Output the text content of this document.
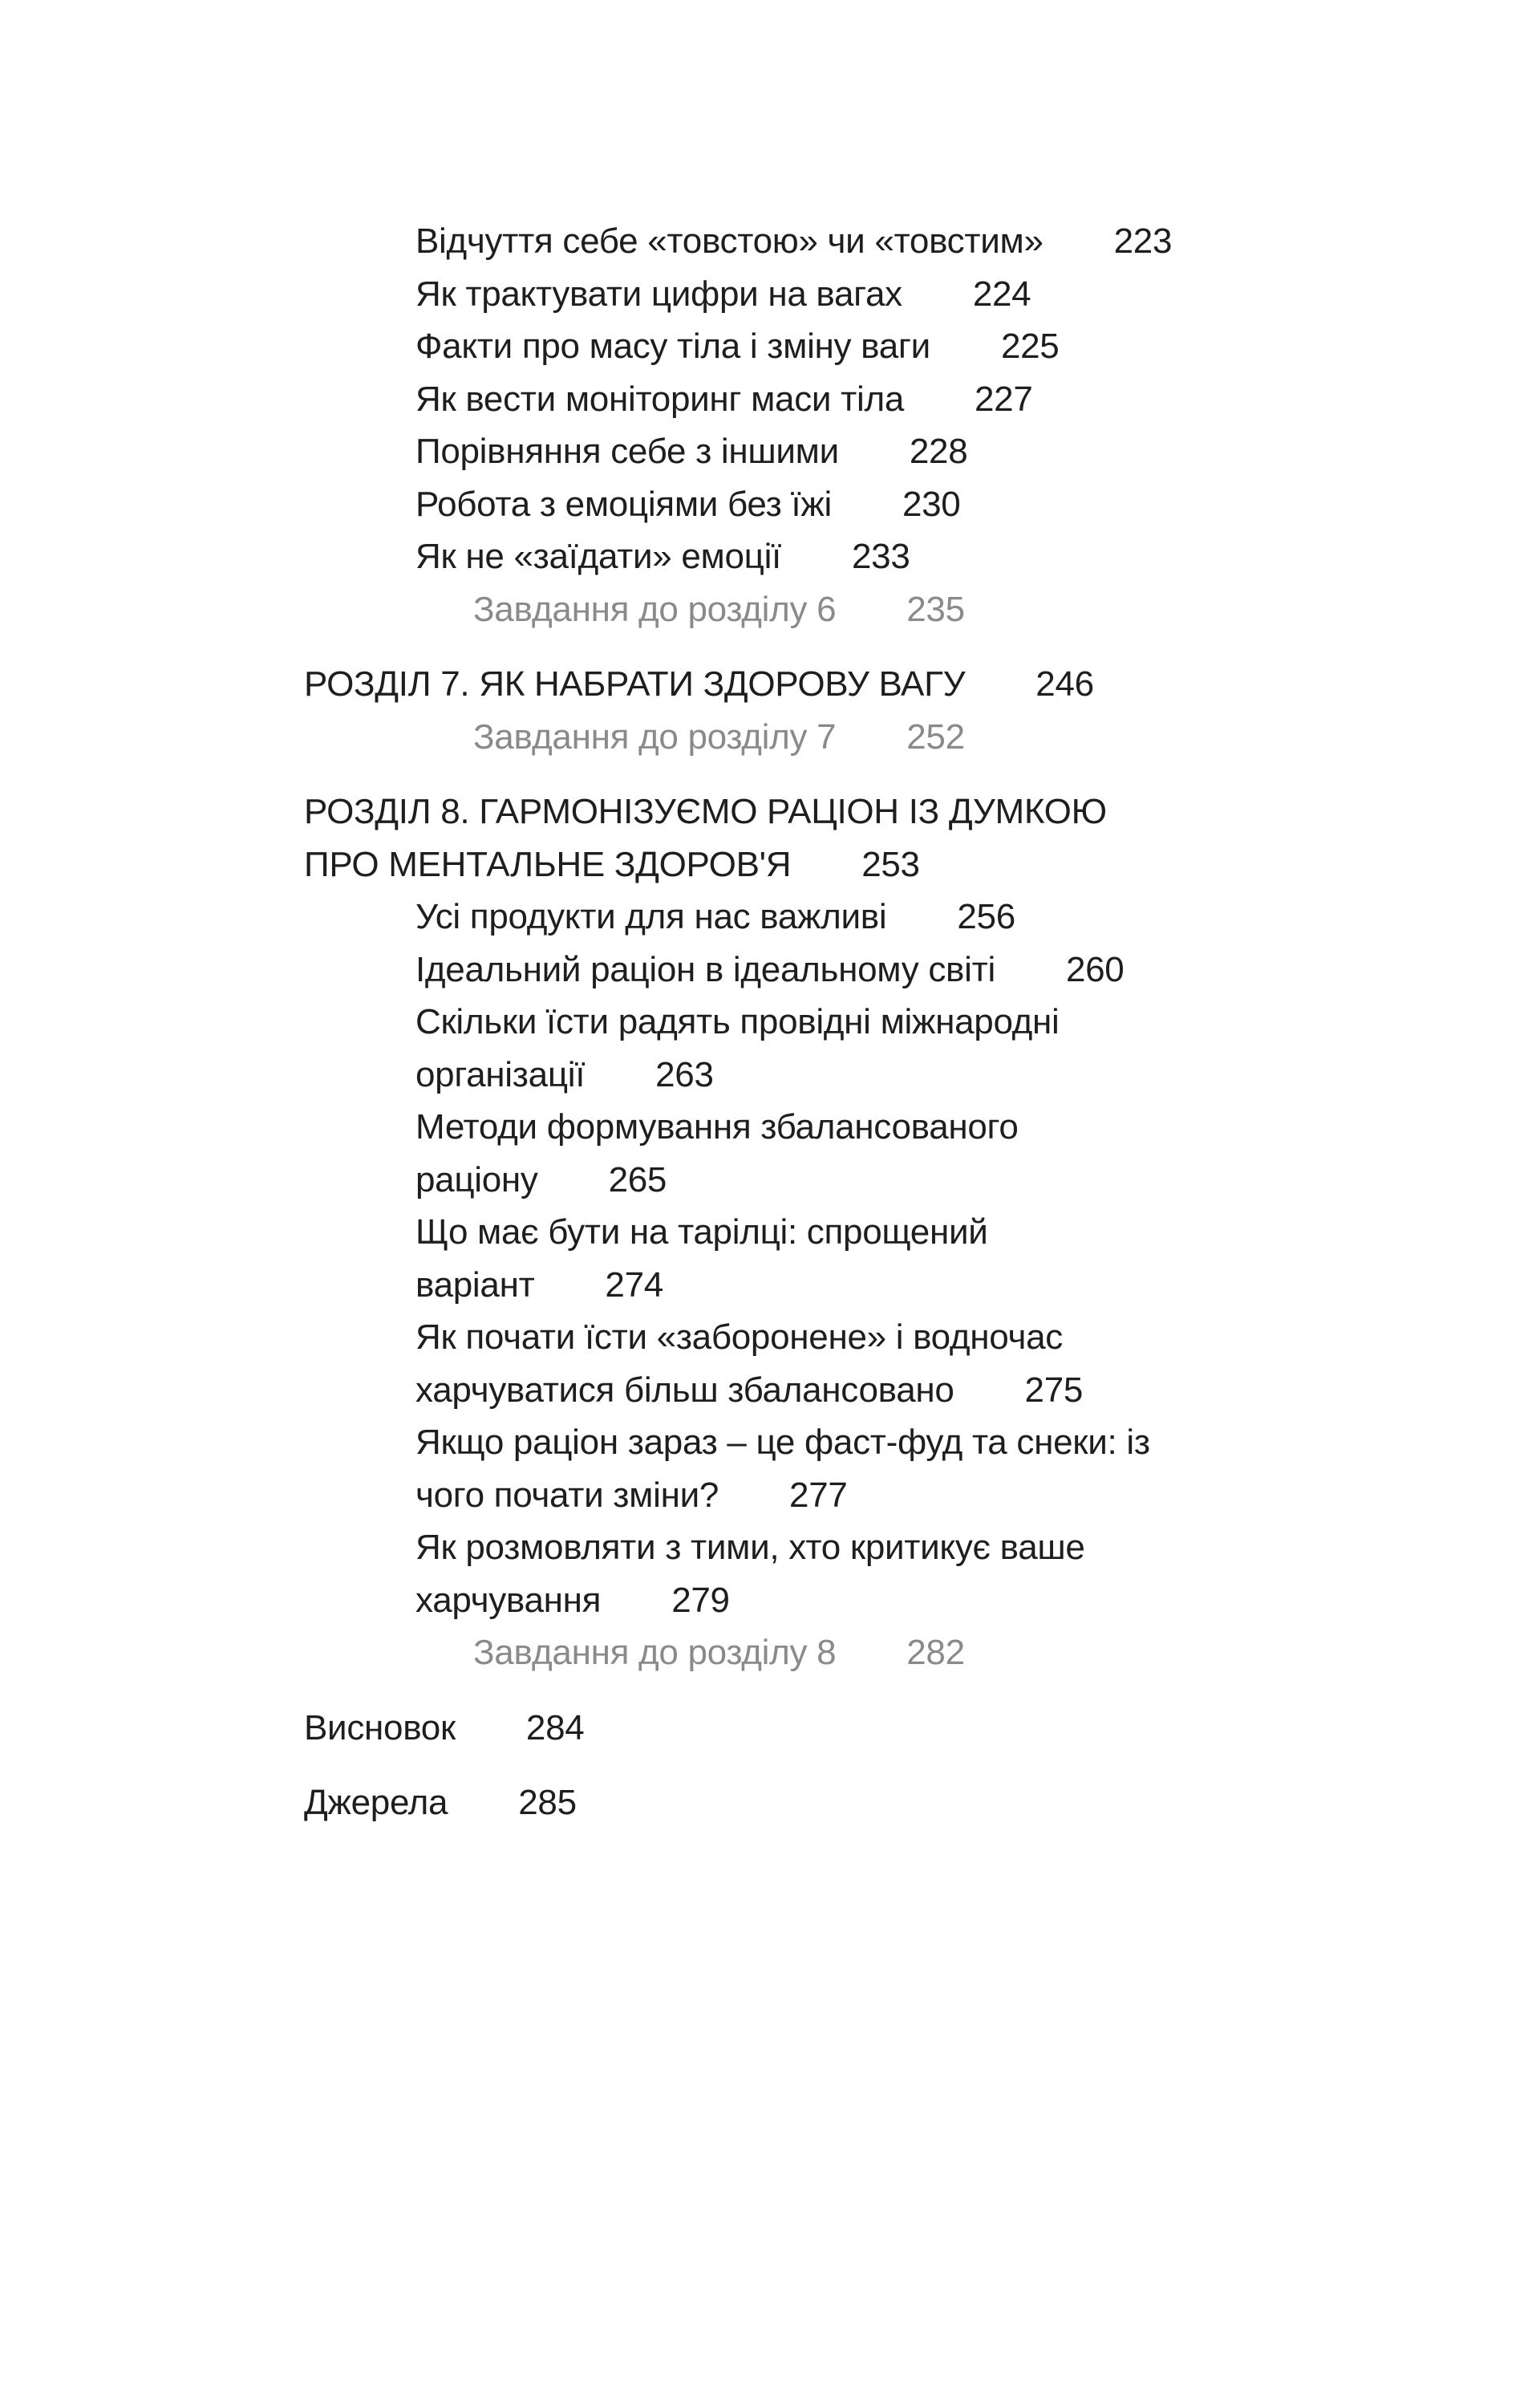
Відчуття себе «товстою» чи «товстим» 223
Як трактувати цифри на вагах 224
Факти про масу тіла і зміну ваги 225
Як вести моніторинг маси тіла 227
Порівняння себе з іншими 228
Робота з емоціями без їжі 230
Як не «заїдати» емоції 233
Завдання до розділу 6 235
РОЗДІЛ 7. ЯК НАБРАТИ ЗДОРОВУ ВАГУ 246
Завдання до розділу 7 252
РОЗДІЛ 8. ГАРМОНІЗУЄМО РАЦІОН ІЗ ДУМКОЮ
ПРО МЕНТАЛЬНЕ ЗДОРОВ'Я 253
Усі продукти для нас важливі 256
Ідеальний раціон в ідеальному світі 260
Скільки їсти радять провідні міжнародні
організації 263
Методи формування збалансованого
раціону 265
Що має бути на тарілці: спрощений
варіант 274
Як почати їсти «заборонене» і водночас
харчуватися більш збалансовано 275
Якщо раціон зараз – це фаст-фуд та снеки: із
чого почати зміни? 277
Як розмовляти з тими, хто критикує ваше
харчування 279
Завдання до розділу 8 282
Висновок 284
Джерела 285
